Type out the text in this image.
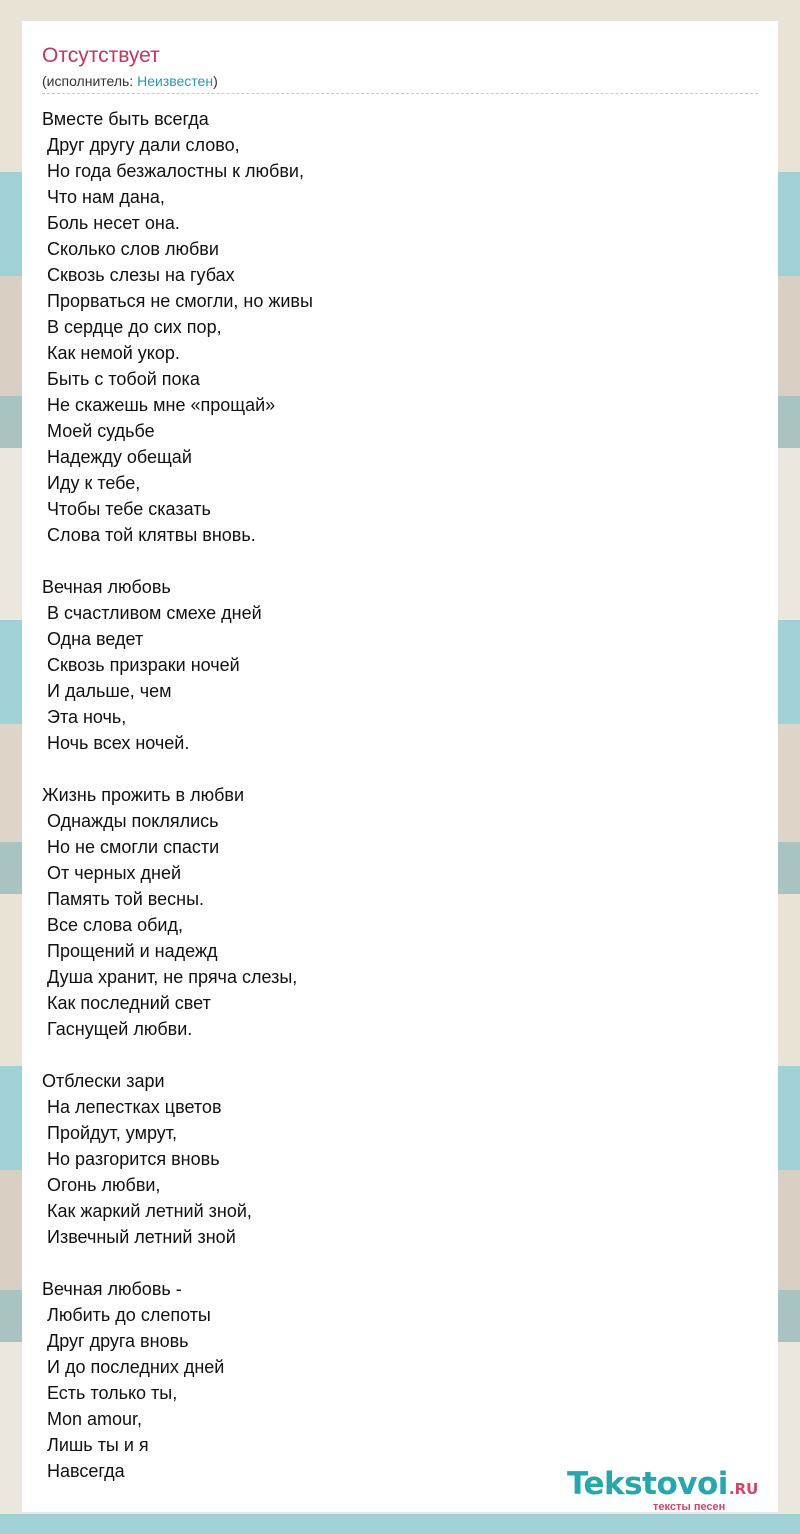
Отсутствует
(исполнитель: Неизвестен)
Вместе быть всегда
Друг другу дали слово,
Но года безжалостны к любви,
Что нам дана,
Боль несет она.
Сколько слов любви
Сквозь слезы на губах
Прорваться не смогли, но живы
В сердце до сих пор,
Как немой укор.
Быть с тобой пока
Не скажешь мне «прощай»
Моей судьбе
Надежду обещай
Иду к тебе,
Чтобы тебе сказать
Слова той клятвы вновь.

Вечная любовь
В счастливом смехе дней
Одна ведет
Сквозь призраки ночей
И дальше, чем
Эта ночь,
Ночь всех ночей.

Жизнь прожить в любви
Однажды поклялись
Но не смогли спасти
От черных дней
Память той весны.
Все слова обид,
Прощений и надежд
Душа хранит, не пряча слезы,
Как последний свет
Гаснущей любви.

Отблески зари
На лепестках цветов
Пройдут, умрут,
Но разгорится вновь
Огонь любви,
Как жаркий летний зной,
Извечный летний зной

Вечная любовь -
Любить до слепоты
Друг друга вновь
И до последних дней
Есть только ты,
Mon amour,
Лишь ты и я
Навсегда	Tekstovoi.RU
тексты песен
